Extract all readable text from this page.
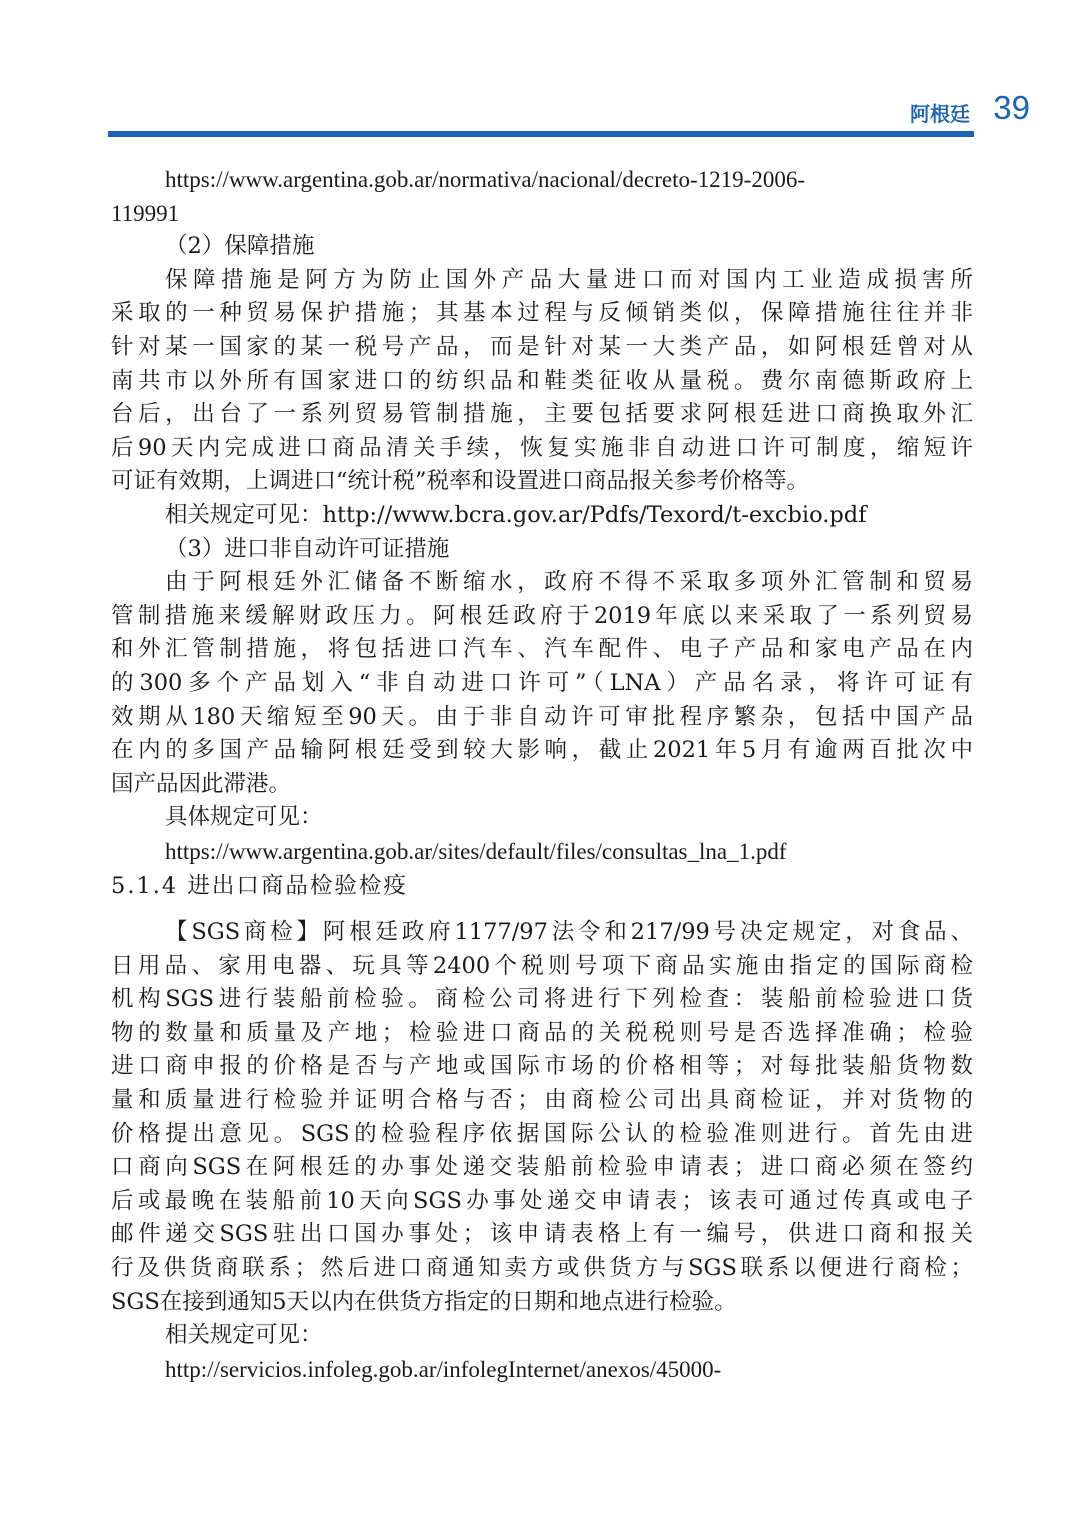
阿根廷 39
https://www.argentina.gob.ar/normativa/nacional/decreto-1219-2006-
119991
（2）保障措施
保障措施是阿方为防止国外产品大量进口而对国内工业造成损害所
采取的一种贸易保护措施；其基本过程与反倾销类似，保障措施往往并非
针对某一国家的某一税号产品，而是针对某一大类产品，如阿根廷曾对从
南共市以外所有国家进口的纺织品和鞋类征收从量税。费尔南德斯政府上
台后，出台了一系列贸易管制措施，主要包括要求阿根廷进口商换取外汇
后90天内完成进口商品清关手续，恢复实施非自动进口许可制度，缩短许
可证有效期，上调进口“统计税”税率和设置进口商品报关参考价格等。
相关规定可见：http://www.bcra.gov.ar/Pdfs/Texord/t-excbio.pdf
（3）进口非自动许可证措施
由于阿根廷外汇储备不断缩水，政府不得不采取多项外汇管制和贸易
管制措施来缓解财政压力。阿根廷政府于2019年底以来采取了一系列贸易
和外汇管制措施，将包括进口汽车、汽车配件、电子产品和家电产品在内
的300多个产品划入“非自动进口许可”（LNA）产品名录，将许可证有
效期从180天缩短至90天。由于非自动许可审批程序繁杂，包括中国产品
在内的多国产品输阿根廷受到较大影响，截止2021年5月有逾两百批次中
国产品因此滞港。
具体规定可见：
https://www.argentina.gob.ar/sites/default/files/consultas_lna_1.pdf
5.1.4 进出口商品检验检疫
【SGS商检】阿根廷政府1177/97法令和217/99号决定规定，对食品、
日用品、家用电器、玩具等2400个税则号项下商品实施由指定的国际商检
机构SGS进行装船前检验。商检公司将进行下列检查：装船前检验进口货
物的数量和质量及产地；检验进口商品的关税税则号是否选择准确；检验
进口商申报的价格是否与产地或国际市场的价格相等；对每批装船货物数
量和质量进行检验并证明合格与否；由商检公司出具商检证，并对货物的
价格提出意见。SGS的检验程序依据国际公认的检验准则进行。首先由进
口商向SGS在阿根廷的办事处递交装船前检验申请表；进口商必须在签约
后或最晚在装船前10天向SGS办事处递交申请表；该表可通过传真或电子
邮件递交SGS驻出口国办事处；该申请表格上有一编号，供进口商和报关
行及供货商联系；然后进口商通知卖方或供货方与SGS联系以便进行商检；
SGS在接到通知5天以内在供货方指定的日期和地点进行检验。
相关规定可见：
http://servicios.infoleg.gob.ar/infolegInternet/anexos/45000-
